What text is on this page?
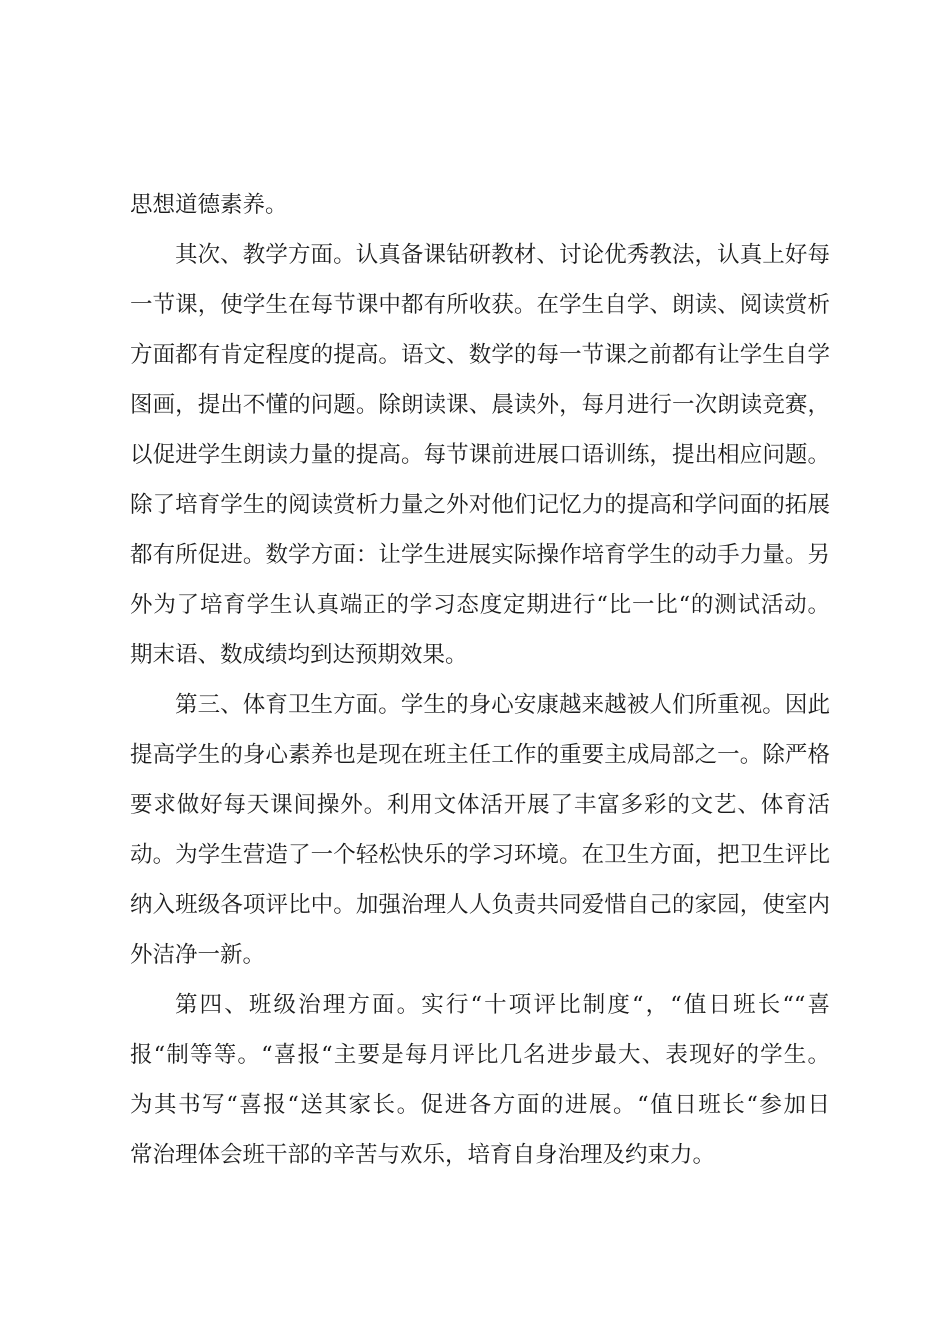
思想道德素养。
其次、教学方面。认真备课钻研教材、讨论优秀教法，认真上好每
一节课，使学生在每节课中都有所收获。在学生自学、朗读、阅读赏析
方面都有肯定程度的提高。语文、数学的每一节课之前都有让学生自学
图画，提出不懂的问题。除朗读课、晨读外，每月进行一次朗读竞赛，
以促进学生朗读力量的提高。每节课前进展口语训练，提出相应问题。
除了培育学生的阅读赏析力量之外对他们记忆力的提高和学问面的拓展
都有所促进。数学方面：让学生进展实际操作培育学生的动手力量。另
外为了培育学生认真端正的学习态度定期进行“比一比“的测试活动。
期末语、数成绩均到达预期效果。
第三、体育卫生方面。学生的身心安康越来越被人们所重视。因此
提高学生的身心素养也是现在班主任工作的重要主成局部之一。除严格
要求做好每天课间操外。利用文体活开展了丰富多彩的文艺、体育活
动。为学生营造了一个轻松快乐的学习环境。在卫生方面，把卫生评比
纳入班级各项评比中。加强治理人人负责共同爱惜自己的家园，使室内
外洁净一新。
第四、班级治理方面。实行“十项评比制度“，“值日班长““喜
报“制等等。“喜报“主要是每月评比几名进步最大、表现好的学生。
为其书写“喜报“送其家长。促进各方面的进展。“值日班长“参加日
常治理体会班干部的辛苦与欢乐，培育自身治理及约束力。
